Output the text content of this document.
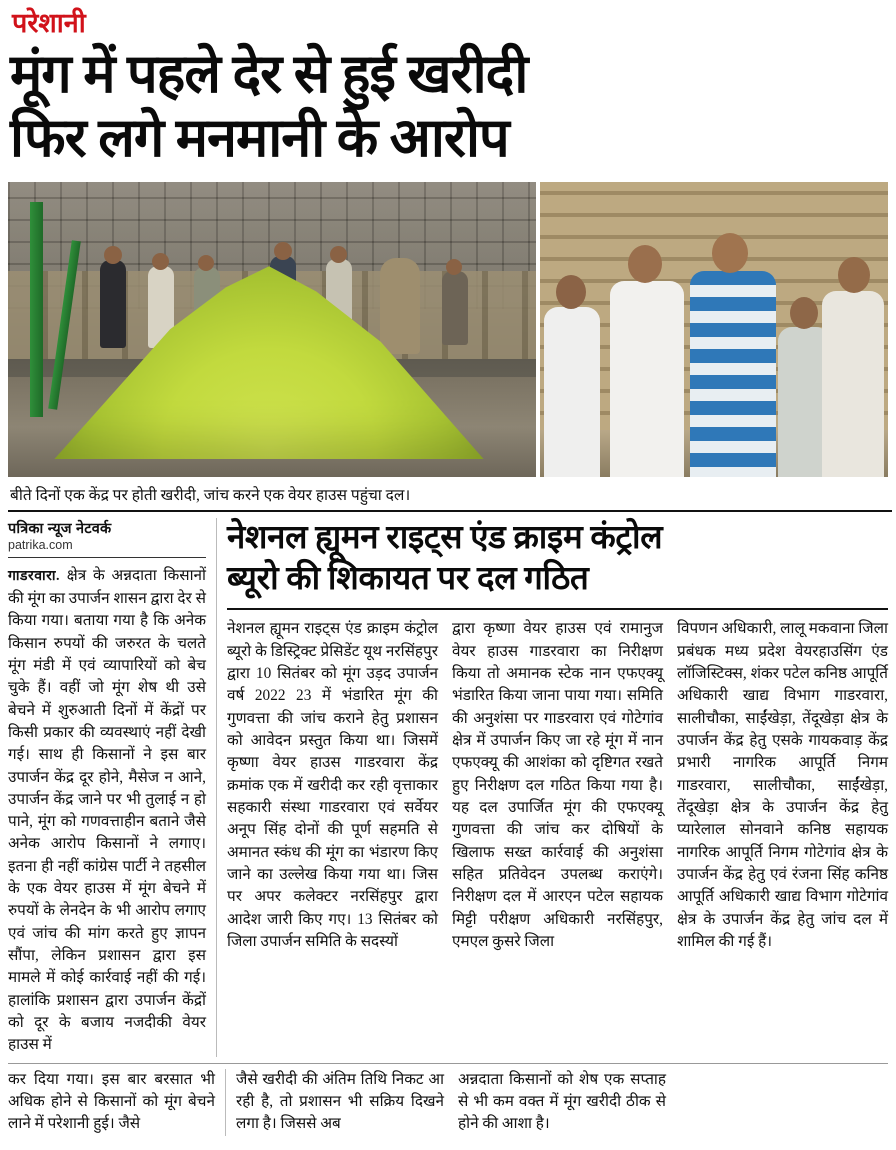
परेशानी
मूंग में पहले देर से हुई खरीदी
फिर लगे मनमानी के आरोप
बीते दिनों एक केंद्र पर होती खरीदी, जांच करने एक वेयर हाउस पहुंचा दल।
पत्रिका न्यूज नेटवर्क
patrika.com
गाडरवारा. क्षेत्र के अन्नदाता किसानों की मूंग का उपार्जन शासन द्वारा देर से किया गया। बताया गया है कि अनेक किसान रुपयों की जरुरत के चलते मूंग मंडी में एवं व्यापारियों को बेच चुके हैं। वहीं जो मूंग शेष थी उसे बेचने में शुरुआती दिनों में केंद्रों पर किसी प्रकार की व्यवस्थाएं नहीं देखी गई। साथ ही किसानों ने इस बार उपार्जन केंद्र दूर होने, मैसेज न आने, उपार्जन केंद्र जाने पर भी तुलाई न हो पाने, मूंग को गणवत्ताहीन बताने जैसे अनेक आरोप किसानों ने लगाए। इतना ही नहीं कांग्रेस पार्टी ने तहसील के एक वेयर हाउस में मूंग बेचने में रुपयों के लेनदेन के भी आरोप लगाए एवं जांच की मांग करते हुए ज्ञापन सौंपा, लेकिन प्रशासन द्वारा इस मामले में कोई कार्रवाई नहीं की गई। हालांकि प्रशासन द्वारा उपार्जन केंद्रों को दूर के बजाय नजदीकी वेयर हाउस में
नेशनल ह्यूमन राइट्स एंड क्राइम कंट्रोल
ब्यूरो की शिकायत पर दल गठित
नेशनल ह्यूमन राइट्स एंड क्राइम कंट्रोल ब्यूरो के डिस्ट्रिक्ट प्रेसिडेंट यूथ नरसिंहपुर द्वारा 10 सितंबर को मूंग उड़द उपार्जन वर्ष 2022 23 में भंडारित मूंग की गुणवत्ता की जांच कराने हेतु प्रशासन को आवेदन प्रस्तुत किया था। जिसमें कृष्णा वेयर हाउस गाडरवारा केंद्र क्रमांक एक में खरीदी कर रही वृत्ताकार सहकारी संस्था गाडरवारा एवं सर्वेयर अनूप सिंह दोनों की पूर्ण सहमति से अमानत स्कंध की मूंग का भंडारण किए जाने का उल्लेख किया गया था। जिस पर अपर कलेक्टर नरसिंहपुर द्वारा आदेश जारी किए गए। 13 सितंबर को जिला उपार्जन समिति के सदस्यों
द्वारा कृष्णा वेयर हाउस एवं रामानुज वेयर हाउस गाडरवारा का निरीक्षण किया तो अमानक स्टेक नान एफएक्यू भंडारित किया जाना पाया गया। समिति की अनुशंसा पर गाडरवारा एवं गोटेगांव क्षेत्र में उपार्जन किए जा रहे मूंग में नान एफएक्यू की आशंका को दृष्टिगत रखते हुए निरीक्षण दल गठित किया गया है। यह दल उपार्जित मूंग की एफएक्यू गुणवत्ता की जांच कर दोषियों के खिलाफ सख्त कार्रवाई की अनुशंसा सहित प्रतिवेदन उपलब्ध कराएंगे। निरीक्षण दल में आरएन पटेल सहायक मिट्टी परीक्षण अधिकारी नरसिंहपुर, एमएल कुसरे जिला
विपणन अधिकारी, लालू मकवाना जिला प्रबंधक मध्य प्रदेश वेयरहाउसिंग एंड लॉजिस्टिक्स, शंकर पटेल कनिष्ठ आपूर्ति अधिकारी खाद्य विभाग गाडरवारा, सालीचौका, साईंखेड़ा, तेंदूखेड़ा क्षेत्र के उपार्जन केंद्र हेतु एसके गायकवाड़ केंद्र प्रभारी नागरिक आपूर्ति निगम गाडरवारा, सालीचौका, साईंखेड़ा, तेंदूखेड़ा क्षेत्र के उपार्जन केंद्र हेतु प्यारेलाल सोनवाने कनिष्ठ सहायक नागरिक आपूर्ति निगम गोटेगांव क्षेत्र के उपार्जन केंद्र हेतु एवं रंजना सिंह कनिष्ठ आपूर्ति अधिकारी खाद्य विभाग गोटेगांव क्षेत्र के उपार्जन केंद्र हेतु जांच दल में शामिल की गई हैं।
कर दिया गया। इस बार बरसात भी अधिक होने से किसानों को मूंग बेचने लाने में परेशानी हुई। जैसे
जैसे खरीदी की अंतिम तिथि निकट आ रही है, तो प्रशासन भी सक्रिय दिखने लगा है। जिससे अब
अन्नदाता किसानों को शेष एक सप्ताह से भी कम वक्त में मूंग खरीदी ठीक से होने की आशा है।
